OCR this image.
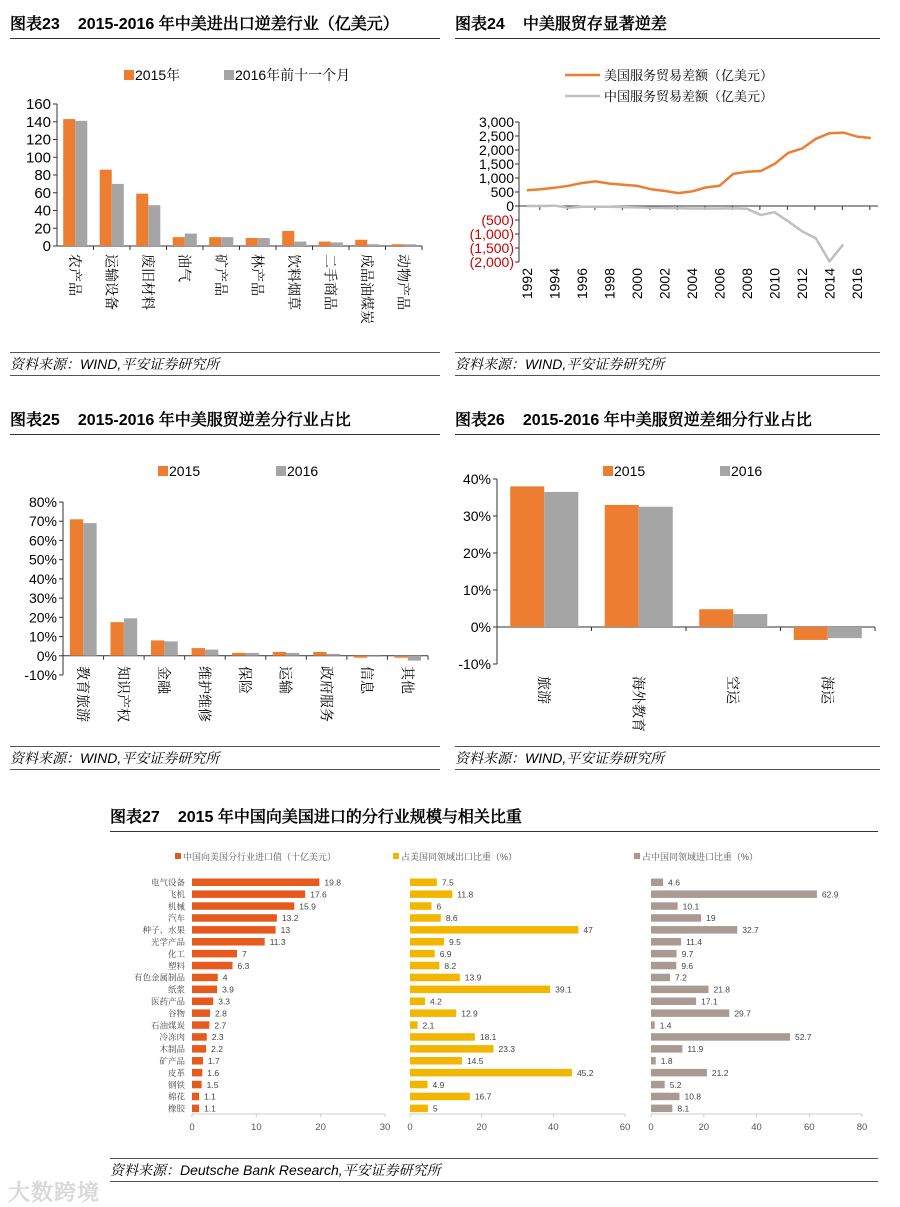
0
20
40
60
80
100
120
140
160
农产品 运输设备 废旧材料 油气 矿产品 林产品 饮料烟草 二手商品 成品油煤炭 动物产品
2015年	2016年前十一个月
-10%
0%
10%
20%
30%
40%
50%
60%
70%
80%
教育旅游 知识产权 金融 维护维修 保险 运输 政府服务 信息 其他
2015	2016
-10%
0%
10%
20%
30%
40%
旅游	海外教育	空运	海运
2015	2016
(2,000)
(1,500)
(1,000)
(500)
0
500
1,000
1,500
2,000
2,500
3,000
1992 1994 1996 1998 2000 2002 2004 2006 2008 2010 2012 2014 2016
美国服务贸易差额（亿美元）
中国服务贸易差额（亿美元）
电气设备
飞机
机械
汽车
种子、水果
光学产品
化工
塑料
有色金属制品
纸浆
医药产品
谷物
石油煤炭
冷冻肉
木制品
矿产品
皮革
钢铁
棉花
橡胶
中国向美国分行业进口值（十亿美元）
19.8
17.6
15.9
13.2
13
11.3
7
6.3
4
3.9
3.3
2.8
2.7
2.3
2.2
1.7
1.6
1.5
1.1
1.1
0	10	20	30
占美国同领域出口比重（%）
7.5
11.8
6
8.6
47
9.5
6.9
8.2
13.9
39.1
4.2
12.9
2.1
18.1
23.3
14.5
45.2
4.9
16.7
5
0	20	40	60
占中国同领域进口比重（%）
4.6
62.9
10.1
19
32.7
11.4
9.7
9.6
7.2
21.8
17.1
29.7
1.4
52.7
11.9
1.8
21.2
5.2
10.8
8.1
0	20	40	60	80
图表23 2015-2016 年中美进出口逆差行业（亿美元）	图表24 中美服贸存显著逆差
图表25 2015-2016 年中美服贸逆差分行业占比	图表26 2015-2016 年中美服贸逆差细分行业占比
图表27 2015 年中国向美国进口的分行业规模与相关比重
资料来源：WIND,平安证券研究所	资料来源：WIND,平安证券研究所
资料来源：WIND,平安证券研究所	资料来源：WIND,平安证券研究所
资料来源：Deutsche Bank Research,平安证券研究所
大数跨境
